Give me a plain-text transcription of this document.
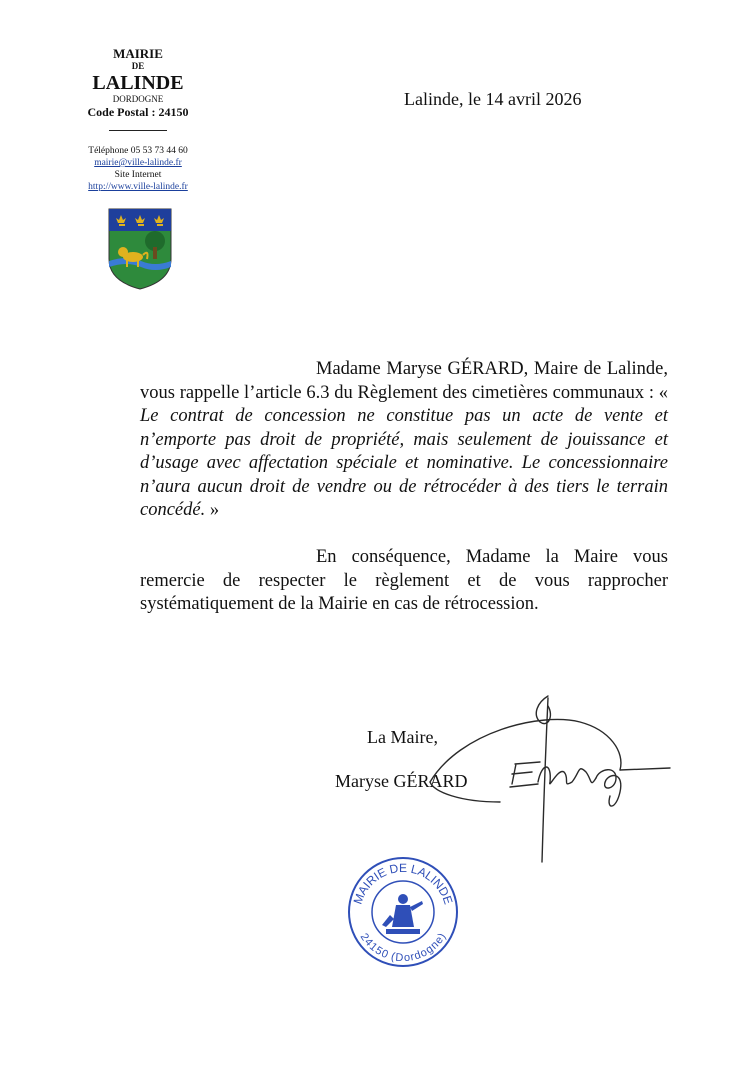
MAIRIE
DE
LALINDE
DORDOGNE
Code Postal : 24150
Téléphone 05 53 73 44 60
mairie@ville-lalinde.fr
Site Internet
http://www.ville-lalinde.fr
Lalinde, le 14 avril 2026
Madame Maryse GÉRARD, Maire de Lalinde, vous rappelle l’article 6.3 du Règlement des cimetières communaux : « Le contrat de concession ne constitue pas un acte de vente et n’emporte pas droit de propriété, mais seulement de jouissance et d’usage avec affectation spéciale et nominative. Le concessionnaire n’aura aucun droit de vendre ou de rétrocéder à des tiers le terrain concédé. »
En conséquence, Madame la Maire vous remercie de respecter le règlement et de vous rapprocher systématiquement de la Mairie en cas de rétrocession.
La Maire,
Maryse GÉRARD
MAIRIE DE LALINDE
24150 (Dordogne)
